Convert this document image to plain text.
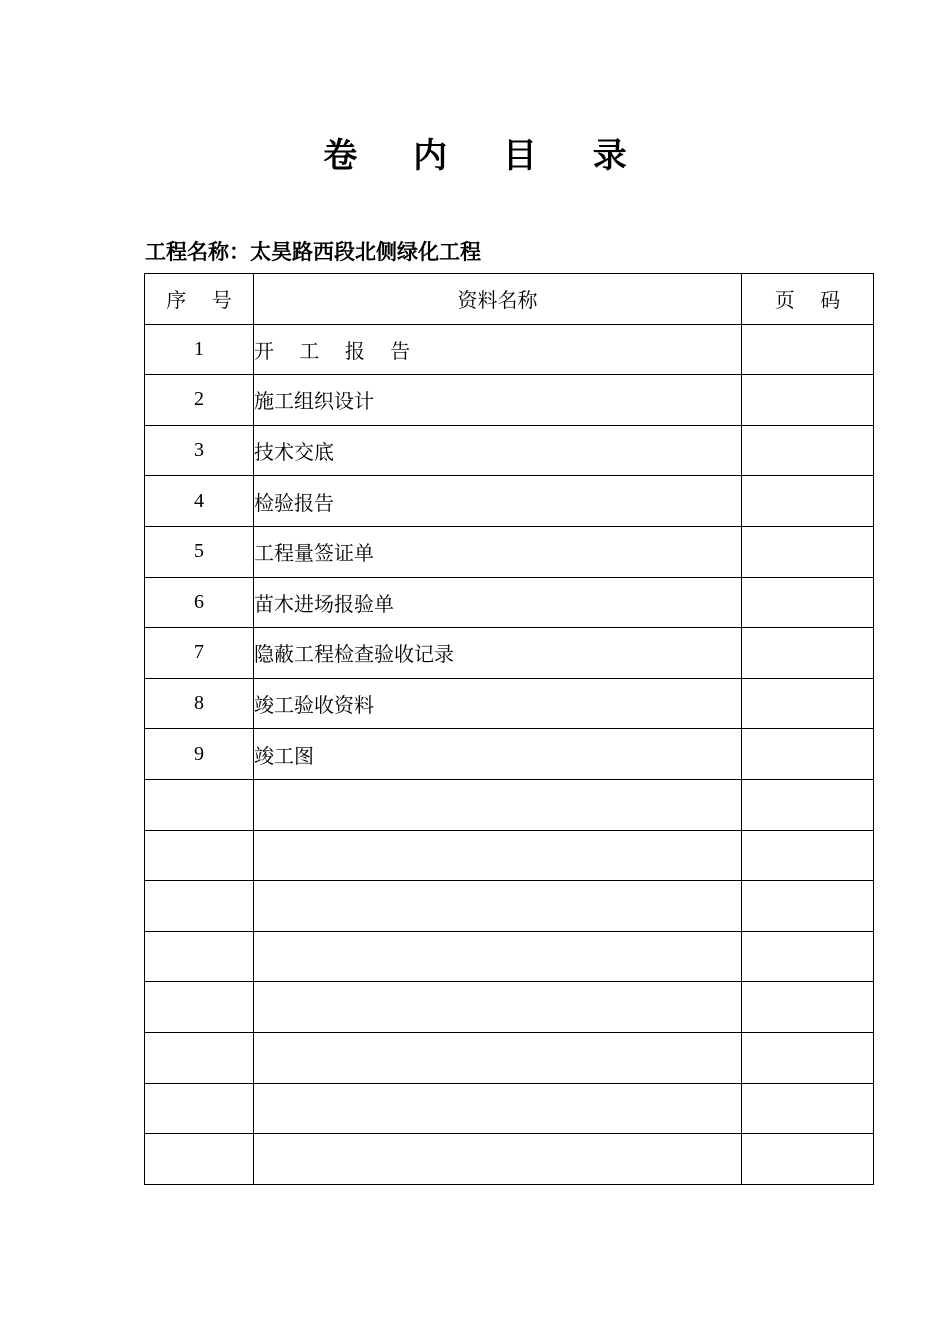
卷 内 目 录
工程名称：太昊路西段北侧绿化工程
序    号	资料名称	页    码
1	开    工    报    告	
2	施工组织设计	
3	技术交底	
4	检验报告	
5	工程量签证单	
6	苗木进场报验单	
7	隐蔽工程检查验收记录	
8	竣工验收资料	
9	竣工图	
